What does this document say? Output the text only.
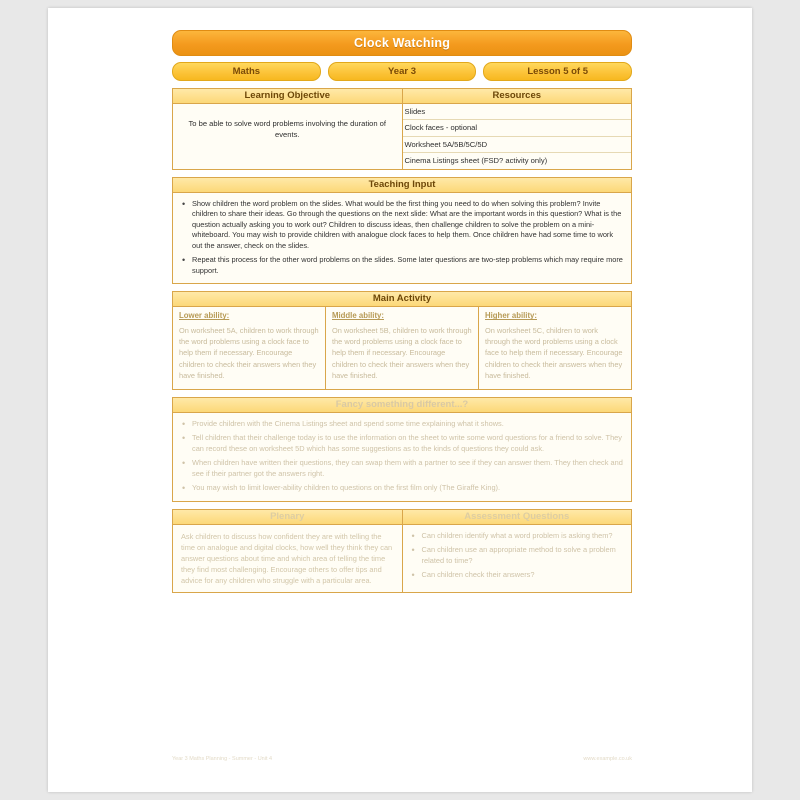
Clock Watching
Maths	Year 3	Lesson 5 of 5
Learning Objective
To be able to solve word problems involving the duration of events.
Resources
Slides
Clock faces - optional
Worksheet 5A/5B/5C/5D
Cinema Listings sheet (FSD? activity only)
Teaching Input
• Show children the word problem on the slides. What would be the first thing you need to do when solving this problem? Invite children to share their ideas. Go through the questions on the next slide: What are the important words in this question? What is the question actually asking you to work out? Children to discuss ideas, then challenge children to solve the problem on a mini-whiteboard. You may wish to provide children with analogue clock faces to help them. Once children have had some time to work out the answer, check on the slides.
• Repeat this process for the other word problems on the slides. Some later questions are two-step problems which may require more support.
Main Activity
Lower ability:
On worksheet 5A, children to work through the word problems using a clock face to help them if necessary. Encourage children to check their answers when they have finished.
Middle ability:
On worksheet 5B, children to work through the word problems using a clock face to help them if necessary. Encourage children to check their answers when they have finished.
Higher ability:
On worksheet 5C, children to work through the word problems using a clock face to help them if necessary. Encourage children to check their answers when they have finished.
Fancy something different...?
• Provide children with the Cinema Listings sheet and spend some time explaining what it shows.
• Tell children that their challenge today is to use the information on the sheet to write some word questions for a friend to solve. They can record these on worksheet 5D which has some suggestions as to the kinds of questions they could ask.
• When children have written their questions, they can swap them with a partner to see if they can answer them. They then check and see if their partner got the answers right.
• You may wish to limit lower-ability children to questions on the first film only (The Giraffe King).
Plenary
Ask children to discuss how confident they are with telling the time on analogue and digital clocks, how well they think they can answer questions about time and which area of telling the time they find most challenging. Encourage others to offer tips and advice for any children who struggle with a particular area.
Assessment Questions
• Can children identify what a word problem is asking them?
• Can children use an appropriate method to solve a problem related to time?
• Can children check their answers?
Year 3 Maths Planning - Summer - Unit 4	www.example.co.uk
